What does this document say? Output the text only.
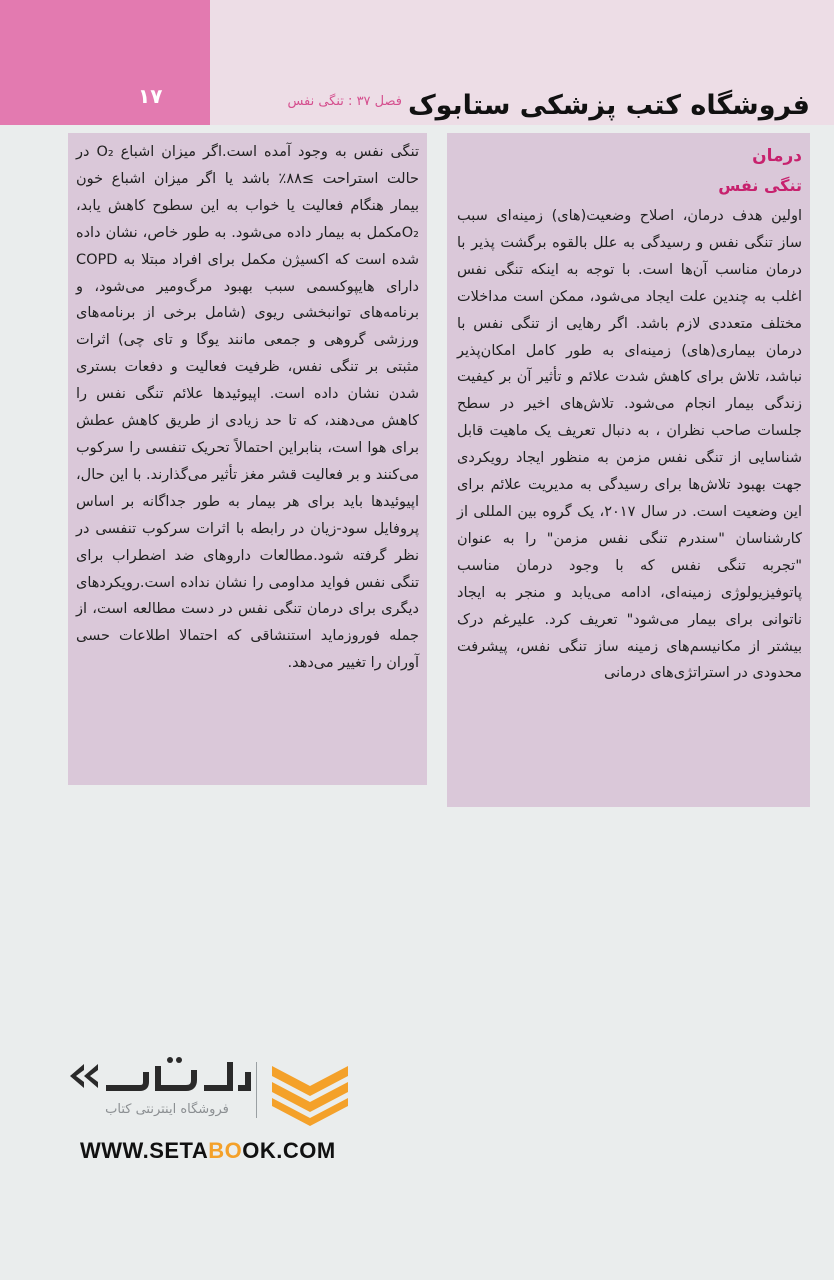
۱۷	فصل ۳۷ : تنگی نفس	فروشگاه کتب پزشکی ستابوک
درمان
تنگی نفس

اولین هدف درمان، اصلاح وضعیت(های) زمینه‌ای سبب ساز تنگی نفس و رسیدگی به علل بالقوه برگشت پذیر با درمان مناسب آن‌ها است. با توجه به اینکه تنگی نفس اغلب به چندین علت ایجاد می‌شود، ممکن است مداخلات مختلف متعددی لازم باشد. اگر رهایی از تنگی نفس با درمان بیماری(های) زمینه‌ای به طور کامل امکان‌پذیر نباشد، تلاش برای کاهش شدت علائم و تأثیر آن بر کیفیت زندگی بیمار انجام می‌شود. تلاش‌های اخیر در سطح جلسات صاحب نظران ، به دنبال تعریف یک ماهیت قابل شناسایی از تنگی نفس مزمن به منظور ایجاد رویکردی جهت بهبود تلاش‌ها برای رسیدگی به مدیریت علائم برای این وضعیت است. در سال ۲۰۱۷، یک گروه بین المللی از کارشناسان "سندرم تنگی نفس مزمن" را به عنوان "تجربه تنگی نفس که با وجود درمان مناسب پاتوفیزیولوژی زمینه‌ای، ادامه می‌یابد و منجر به ایجاد ناتوانی برای بیمار می‌شود" تعریف کرد. علیرغم درک بیشتر از مکانیسم‌های زمینه ساز تنگی نفس، پیشرفت محدودی در استراتژی‌های درمانی

تنگی نفس به وجود آمده است.اگر میزان اشباع O₂ در حالت استراحت ≥۸۸٪ باشد یا اگر میزان اشباع خون بیمار هنگام فعالیت یا خواب به این سطوح کاهش یابد، O₂مکمل به بیمار داده می‌شود. به طور خاص، نشان داده شده است که اکسیژن مکمل برای افراد مبتلا به COPD دارای هایپوکسمی سبب بهبود مرگ‌ومیر می‌شود، و برنامه‌های توانبخشی ریوی (شامل برخی از برنامه‌های ورزشی گروهی و جمعی مانند یوگا و تای چی) اثرات مثبتی بر تنگی نفس، ظرفیت فعالیت و دفعات بستری شدن نشان داده است. اپیوئیدها علائم تنگی نفس را کاهش می‌دهند، که تا حد زیادی از طریق کاهش عطش برای هوا است، بنابراین احتمالاً تحریک تنفسی را سرکوب می‌کنند و بر فعالیت قشر مغز تأثیر می‌گذارند. با این حال، اپیوئیدها باید برای هر بیمار به طور جداگانه بر اساس پروفایل سود-زیان در رابطه با اثرات سرکوب تنفسی در نظر گرفته شود.مطالعات داروهای ضد اضطراب برای تنگی نفس فواید مداومی را نشان نداده است.رویکردهای دیگری برای درمان تنگی نفس در دست مطالعه است، از جمله فوروزماید استنشاقی که احتمالا اطلاعات حسی آوران را تغییر می‌دهد.

فروشگاه اینترنتی کتاب
WWW.SETABOOK.COM
